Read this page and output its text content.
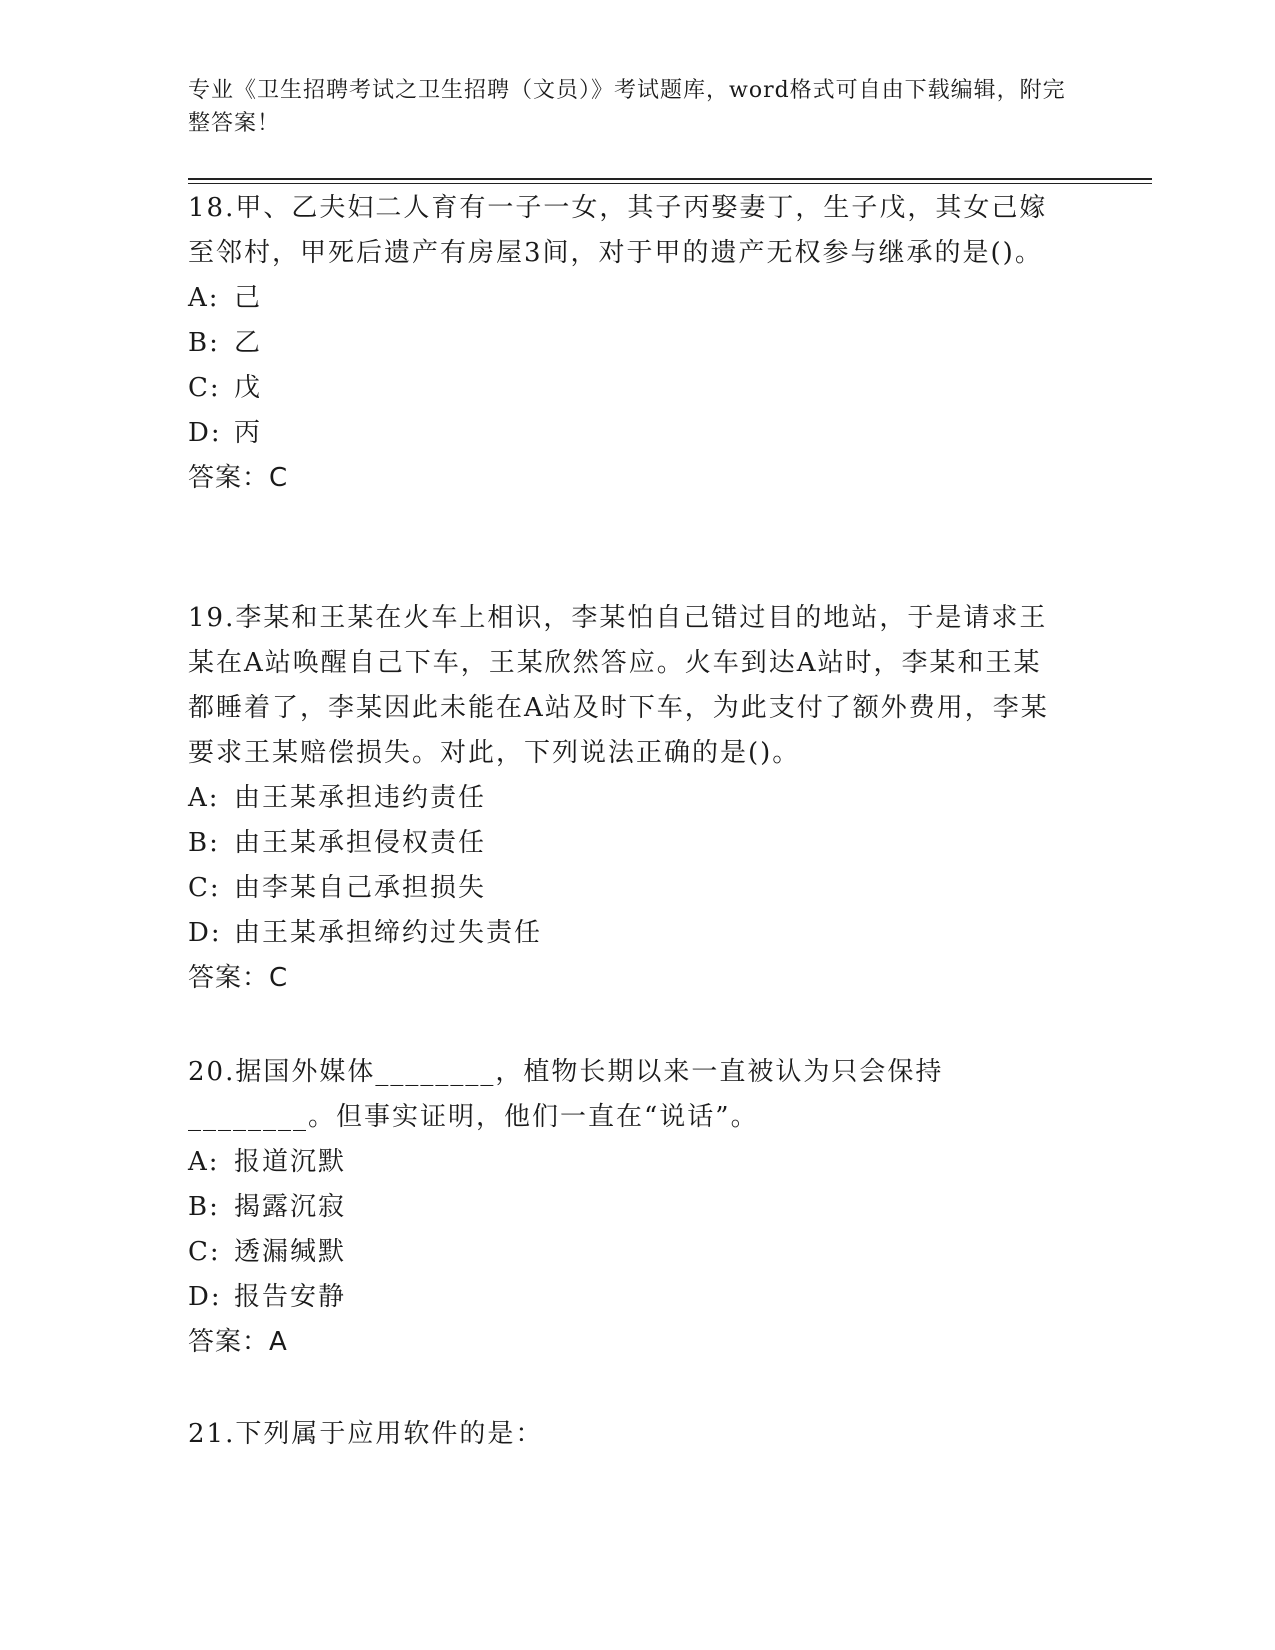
专业《卫生招聘考试之卫生招聘（文员）》考试题库，word格式可自由下载编辑，附完整答案！

18.甲、乙夫妇二人育有一子一女，其子丙娶妻丁，生子戊，其女己嫁至邻村，甲死后遗产有房屋3间，对于甲的遗产无权参与继承的是()。

A: 己

B: 乙

C: 戊

D: 丙

答案：C

19.李某和王某在火车上相识，李某怕自己错过目的地站，于是请求王某在A站唤醒自己下车，王某欣然答应。火车到达A站时，李某和王某都睡着了，李某因此未能在A站及时下车，为此支付了额外费用，李某要求王某赔偿损失。对此，下列说法正确的是()。

A: 由王某承担违约责任

B: 由王某承担侵权责任

C: 由李某自己承担损失

D: 由王某承担缔约过失责任

答案：C

20.据国外媒体________，植物长期以来一直被认为只会保持________。但事实证明，他们一直在“说话”。

A: 报道沉默

B: 揭露沉寂

C: 透漏缄默

D: 报告安静

答案：A

21.下列属于应用软件的是：
